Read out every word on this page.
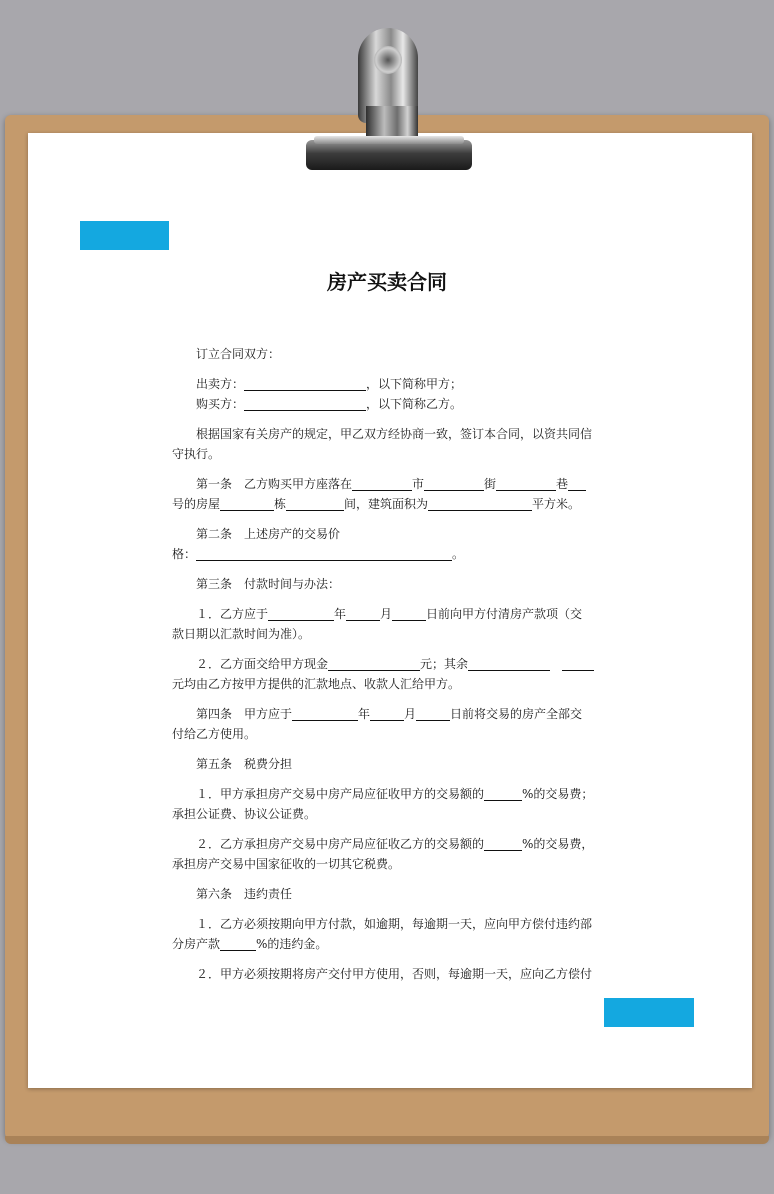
房产买卖合同

订立合同双方：

出卖方：	，以下简称甲方；

购买方：	，以下简称乙方。

根据国家有关房产的规定，甲乙双方经协商一致，签订本合同，以资共同信
守执行。

第一条　乙方购买甲方座落在	市	街	巷
号的房屋	栋	间，建筑面积为	平方米。

第二条　上述房产的交易价
格：	。

第三条　付款时间与办法：

１．乙方应于	年	月	日前向甲方付清房产款项（交
款日期以汇款时间为准）。

２．乙方面交给甲方现金	元；其余
元均由乙方按甲方提供的汇款地点、收款人汇给甲方。

第四条　甲方应于	年	月	日前将交易的房产全部交
付给乙方使用。

第五条　税费分担

１．甲方承担房产交易中房产局应征收甲方的交易额的	%的交易费；
承担公证费、协议公证费。

２．乙方承担房产交易中房产局应征收乙方的交易额的	%的交易费，
承担房产交易中国家征收的一切其它税费。

第六条　违约责任

１．乙方必须按期向甲方付款，如逾期，每逾期一天，应向甲方偿付违约部
分房产款	%的违约金。

２．甲方必须按期将房产交付甲方使用，否则，每逾期一天，应向乙方偿付
